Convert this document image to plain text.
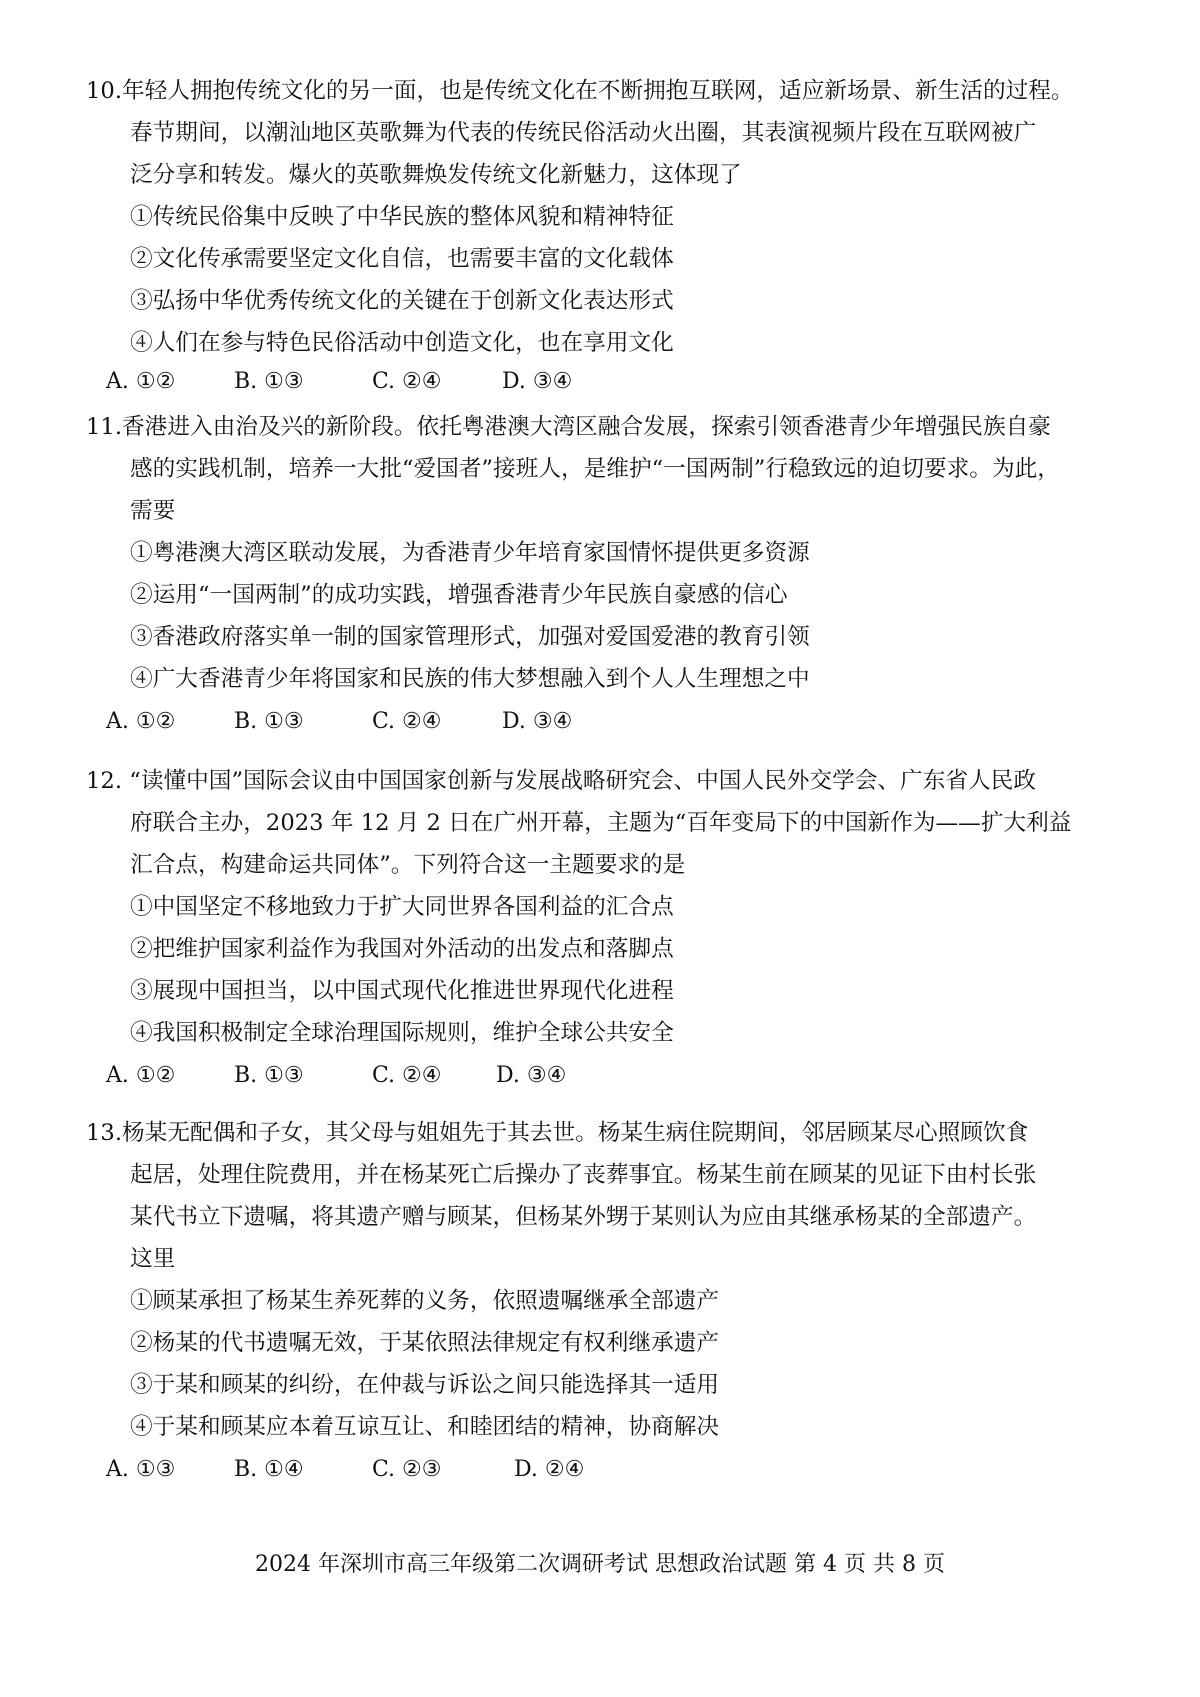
10.年轻人拥抱传统文化的另一面，也是传统文化在不断拥抱互联网，适应新场景、新生活的过程。
春节期间，以潮汕地区英歌舞为代表的传统民俗活动火出圈，其表演视频片段在互联网被广
泛分享和转发。爆火的英歌舞焕发传统文化新魅力，这体现了
①传统民俗集中反映了中华民族的整体风貌和精神特征
②文化传承需要坚定文化自信，也需要丰富的文化载体
③弘扬中华优秀传统文化的关键在于创新文化表达形式
④人们在参与特色民俗活动中创造文化，也在享用文化
A. ①②	B. ①③	C. ②④	D. ③④
11.香港进入由治及兴的新阶段。依托粤港澳大湾区融合发展，探索引领香港青少年增强民族自豪
感的实践机制，培养一大批“爱国者”接班人，是维护“一国两制”行稳致远的迫切要求。为此，
需要
①粤港澳大湾区联动发展，为香港青少年培育家国情怀提供更多资源
②运用“一国两制”的成功实践，增强香港青少年民族自豪感的信心
③香港政府落实单一制的国家管理形式，加强对爱国爱港的教育引领
④广大香港青少年将国家和民族的伟大梦想融入到个人人生理想之中
A. ①②	B. ①③	C. ②④	D. ③④
12. “读懂中国”国际会议由中国国家创新与发展战略研究会、中国人民外交学会、广东省人民政
府联合主办，2023 年 12 月 2 日在广州开幕，主题为“百年变局下的中国新作为——扩大利益
汇合点，构建命运共同体”。下列符合这一主题要求的是
①中国坚定不移地致力于扩大同世界各国利益的汇合点
②把维护国家利益作为我国对外活动的出发点和落脚点
③展现中国担当，以中国式现代化推进世界现代化进程
④我国积极制定全球治理国际规则，维护全球公共安全
A. ①②	B. ①③	C. ②④ D. ③④
13.杨某无配偶和子女，其父母与姐姐先于其去世。杨某生病住院期间，邻居顾某尽心照顾饮食
起居，处理住院费用，并在杨某死亡后操办了丧葬事宜。杨某生前在顾某的见证下由村长张
某代书立下遗嘱，将其遗产赠与顾某，但杨某外甥于某则认为应由其继承杨某的全部遗产。
这里
①顾某承担了杨某生养死葬的义务，依照遗嘱继承全部遗产
②杨某的代书遗嘱无效，于某依照法律规定有权利继承遗产
③于某和顾某的纠纷，在仲裁与诉讼之间只能选择其一适用
④于某和顾某应本着互谅互让、和睦团结的精神，协商解决
A. ①③	B. ①④	C. ②③	D. ②④
2024 年深圳市高三年级第二次调研考试 思想政治试题 第 4 页 共 8 页
